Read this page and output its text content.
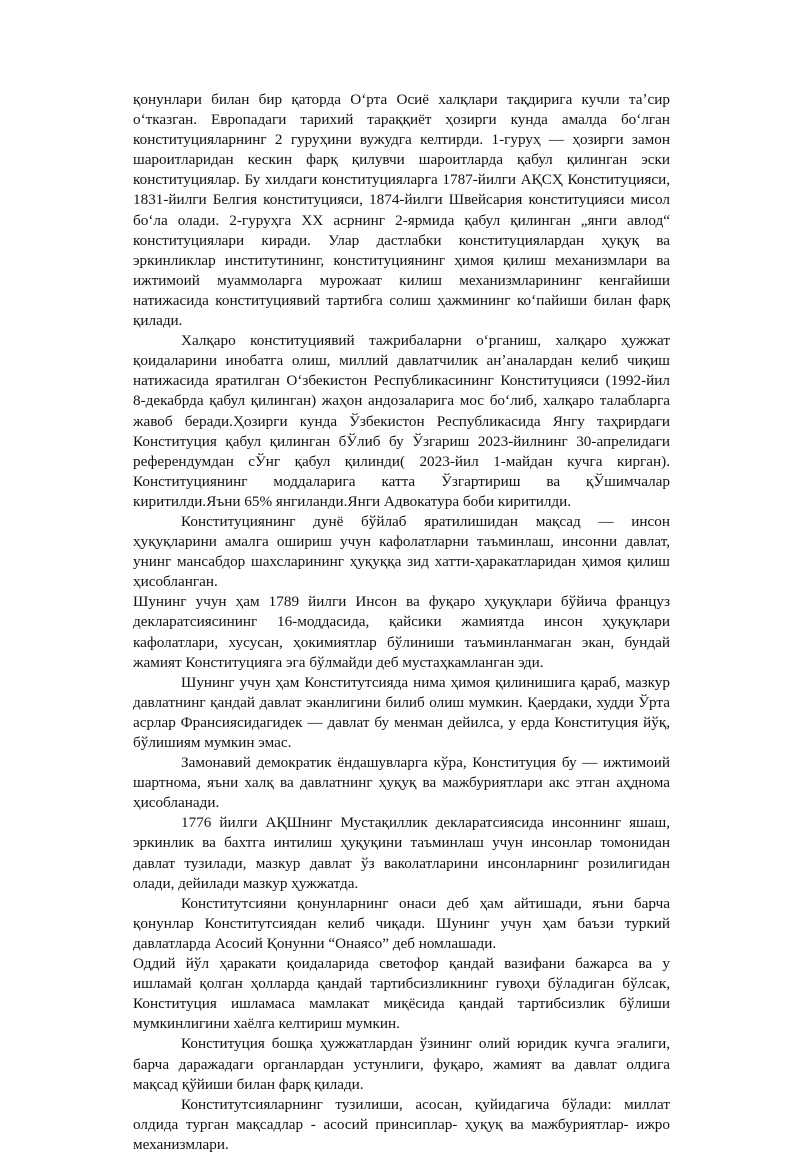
қонунлари билан бир қаторда Оʻрта Осиё халқлари тақдирига кучли таʼсир оʻтказган. Европадаги тарихий тараққиёт ҳозирги кунда амалда боʻлган конституцияларнинг 2 гуруҳини вужудга келтирди. 1-гуруҳ — ҳозирги замон шароитларидан кескин фарқ қилувчи шароитларда қабул қилинган эски конституциялар. Бу хилдаги конституцияларга 1787-йилги АҚСҲ Конституцияси, 1831-йилги Белгия конституцияси, 1874-йилги Швейсария конституцияси мисол боʻла олади. 2-гуруҳга XX асрнинг 2-ярмида қабул қилинган „янги авлод“ конституциялари киради. Улар дастлабки конституциялардан ҳуқуқ ва эркинликлар институтининг, конституциянинг ҳимоя қилиш механизмлари ва ижтимоий муаммоларга мурожаат килиш механизмларининг кенгайиши натижасида конституциявий тартибга солиш ҳажмининг коʻпайиши билан фарқ қилади.

Халқаро конституциявий тажрибаларни оʻрганиш, халқаро ҳужжат қоидаларини инобатга олиш, миллий давлатчилик анʼаналардан келиб чиқиш натижасида яратилган Оʻзбекистон Республикасининг Конституцияси (1992-йил 8-декабрда қабул қилинган) жаҳон андозаларига мос боʻлиб, халқаро талабларга жавоб беради.Ҳозирги кунда Ўзбекистон Республикасида Янгу таҳрирдаги Конституция қабул қилинган бЎлиб бу Ўзгариш 2023-йилнинг 30-апрелидаги референдумдан сЎнг қабул қилинди( 2023-йил 1-майдан кучга кирган). Конституциянинг моддаларига катта Ўзгартириш ва қЎшимчалар киритилди.Яъни 65% янгиланди.Янги Адвокатура боби киритилди.

Конституциянинг дунё бўйлаб яратилишидан мақсад — инсон ҳуқуқларини амалга ошириш учун кафолатларни таъминлаш, инсонни давлат, унинг мансабдор шахсларининг ҳуқуққа зид хатти-ҳаракатларидан ҳимоя қилиш ҳисобланган.

Шунинг учун ҳам 1789 йилги Инсон ва фуқаро ҳуқуқлари бўйича француз декларатсиясининг 16-моддасида, қайсики жамиятда инсон ҳуқуқлари кафолатлари, хусусан, ҳокимиятлар бўлиниши таъминланмаган экан, бундай жамият Конституцияга эга бўлмайди деб мустаҳкамланган эди.

Шунинг учун ҳам Конститутсияда нима ҳимоя қилинишига қараб, мазкур давлатнинг қандай давлат эканлигини билиб олиш мумкин. Қаердаки, худди Ўрта асрлар Франсиясидагидек — давлат бу менман дейилса, у ерда Конституция йўқ, бўлишиям мумкин эмас.

Замонавий демократик ёндашувларга кўра, Конституция бу — ижтимоий шартнома, яъни халқ ва давлатнинг ҳуқуқ ва мажбуриятлари акс этган аҳднома ҳисобланади.

1776 йилги АҚШнинг Мустақиллик декларатсиясида инсоннинг яшаш, эркинлик ва бахтга интилиш ҳуқуқини таъминлаш учун инсонлар томонидан давлат тузилади, мазкур давлат ўз ваколатларини инсонларнинг розилигидан олади, дейилади мазкур ҳужжатда.

Конститутсияни қонунларнинг онаси деб ҳам айтишади, яъни барча қонунлар Конститутсиядан келиб чиқади. Шунинг учун ҳам баъзи туркий давлатларда Асосий Қонунни “Онаясо” деб номлашади.

Оддий йўл ҳаракати қоидаларида светофор қандай вазифани бажарса ва у ишламай қолган ҳолларда қандай тартибсизликнинг гувоҳи бўладиган бўлсак, Конституция ишламаса мамлакат миқёсида қандай тартибсизлик бўлиши мумкинлигини хаёлга келтириш мумкин.

Конституция бошқа ҳужжатлардан ўзининг олий юридик кучга эгалиги, барча даражадаги органлардан устунлиги, фуқаро, жамият ва давлат олдига мақсад қўйиши билан фарқ қилади.

Конститутсияларнинг тузилиши, асосан, қуйидагича бўлади: миллат олдида турган мақсадлар - асосий принсиплар- ҳуқуқ ва мажбуриятлар- ижро механизмлари.
